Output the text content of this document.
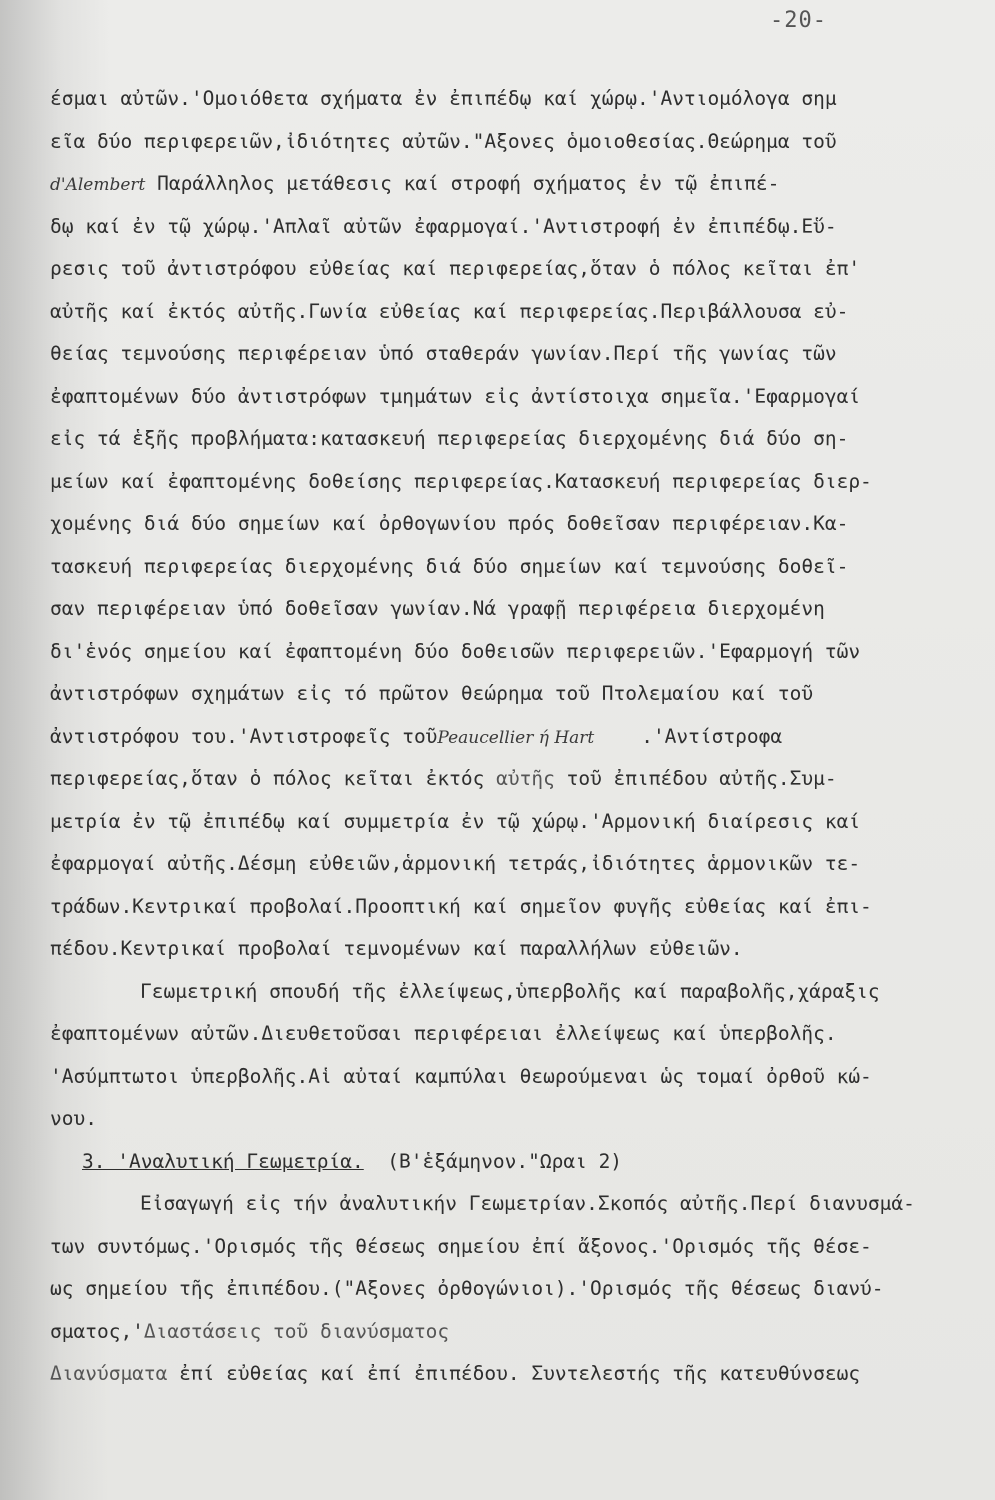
-20-
έσμαι αὐτῶν.'Ομοιόθετα σχήματα ἐν ἐπιπέδῳ καί χώρῳ.'Αντιομόλογα σημ
εῖα δύο περιφερειῶν,ἰδιότητες αὐτῶν."Αξονες ὁμοιοθεσίας.Θεώρημα τοῦ
d'Alembert Παράλληλος μετάθεσις καί στροφή σχήματος ἐν τῷ ἐπιπέ-
δῳ καί ἐν τῷ χώρῳ.'Απλαῖ αὐτῶν ἐφαρμογαί.'Αντιστροφή ἐν ἐπιπέδῳ.Εὕ-
ρεσις τοῦ ἀντιστρόφου εὐθείας καί περιφερείας,ὅταν ὁ πόλος κεῖται ἐπ'
αὐτῆς καί ἐκτός αὐτῆς.Γωνία εὐθείας καί περιφερείας.Περιβάλλουσα εὐ-
θείας τεμνούσης περιφέρειαν ὑπό σταθεράν γωνίαν.Περί τῆς γωνίας τῶν
ἐφαπτομένων δύο ἀντιστρόφων τμημάτων εἰς ἀντίστοιχα σημεῖα.'Εφαρμογαί
εἰς τά ἑξῆς προβλήματα:κατασκευή περιφερείας διερχομένης διά δύο ση-
μείων καί ἐφαπτομένης δοθείσης περιφερείας.Κατασκευή περιφερείας διερ-
χομένης διά δύο σημείων καί ὀρθογωνίου πρός δοθεῖσαν περιφέρειαν.Κα-
τασκευή περιφερείας διερχομένης διά δύο σημείων καί τεμνούσης δοθεῖ-
σαν περιφέρειαν ὑπό δοθεῖσαν γωνίαν.Νά γραφῇ περιφέρεια διερχομένη
δι'ἑνός σημείου καί ἐφαπτομένη δύο δοθεισῶν περιφερειῶν.'Εφαρμογή τῶν
ἀντιστρόφων σχημάτων εἰς τό πρῶτον θεώρημα τοῦ Πτολεμαίου καί τοῦ
ἀντιστρόφου του.'Αντιστροφεῖς τοῦPeaucellier ή Hart .'Αντίστροφα
περιφερείας,ὅταν ὁ πόλος κεῖται ἐκτός αὐτῆς τοῦ ἐπιπέδου αὐτῆς.Συμ-
μετρία ἐν τῷ ἐπιπέδῳ καί συμμετρία ἐν τῷ χώρῳ.'Αρμονική διαίρεσις καί
ἐφαρμογαί αὐτῆς.Δέσμη εὐθειῶν,ἁρμονική τετράς,ἰδιότητες ἁρμονικῶν τε-
τράδων.Κεντρικαί προβολαί.Προοπτική καί σημεῖον φυγῆς εὐθείας καί ἐπι-
πέδου.Κεντρικαί προβολαί τεμνομένων καί παραλλήλων εὐθειῶν.
Γεωμετρική σπουδή τῆς ἐλλείψεως,ὑπερβολῆς καί παραβολῆς,χάραξις
ἐφαπτομένων αὐτῶν.Διευθετοῦσαι περιφέρειαι ἐλλείψεως καί ὑπερβολῆς.
'Ασύμπτωτοι ὑπερβολῆς.Αἱ αὐταί καμπύλαι θεωρούμεναι ὡς τομαί ὀρθοῦ κώ-
νου.
3. 'Αναλυτική Γεωμετρία. (Β'ἑξάμηνον."Ωραι 2)
Εἰσαγωγή εἰς τήν ἀναλυτικήν Γεωμετρίαν.Σκοπός αὐτῆς.Περί διανυσμά-
των συντόμως.'Ορισμός τῆς θέσεως σημείου ἐπί ἄξονος.'Ορισμός τῆς θέσε-
ως σημείου τῆς ἐπιπέδου.("Αξονες ὀρθογώνιοι).'Ορισμός τῆς θέσεως διανύ-
σματος,'Διαστάσεις τοῦ διανύσματος
Διανύσματα ἐπί εὐθείας καί ἐπί ἐπιπέδου. Συντελεστής τῆς κατευθύνσεως
